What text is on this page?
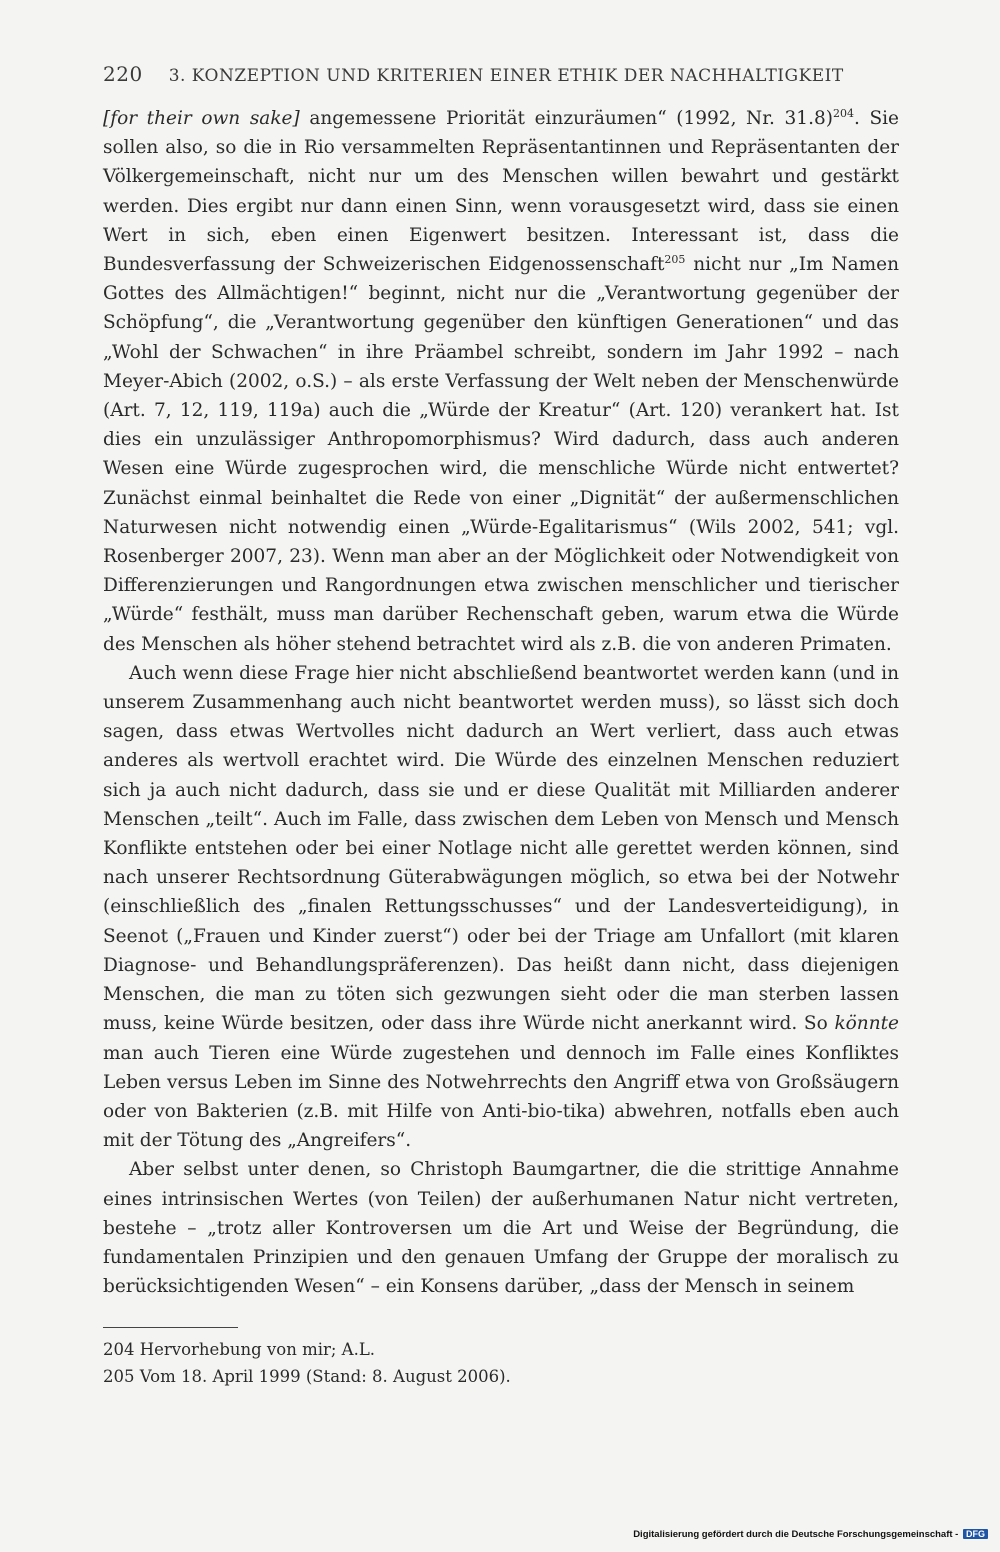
220 3. KONZEPTION UND KRITERIEN EINER ETHIK DER NACHHALTIGKEIT

[for their own sake] angemessene Priorität einzuräumen“ (1992, Nr. 31.8)$^{204}$. Sie sollen also, so die in Rio versammelten Repräsentantinnen und Repräsentanten der Völkergemeinschaft, nicht nur um des Menschen willen bewahrt und gestärkt werden. Dies ergibt nur dann einen Sinn, wenn vorausgesetzt wird, dass sie einen Wert in sich, eben einen Eigenwert besitzen. Interessant ist, dass die Bundesverfassung der Schweizerischen Eidgenossenschaft$^{205}$ nicht nur „Im Namen Gottes des Allmächtigen!“ beginnt, nicht nur die „Verantwortung gegenüber der Schöpfung“, die „Verantwortung gegenüber den künftigen Generationen“ und das „Wohl der Schwachen“ in ihre Präambel schreibt, sondern im Jahr 1992 – nach Meyer-Abich (2002, o.S.) – als erste Verfassung der Welt neben der Menschenwürde (Art. 7, 12, 119, 119a) auch die „Würde der Kreatur“ (Art. 120) verankert hat. Ist dies ein unzulässiger Anthropomorphismus? Wird dadurch, dass auch anderen Wesen eine Würde zugesprochen wird, die menschliche Würde nicht entwertet? Zunächst einmal beinhaltet die Rede von einer „Dignität“ der außermenschlichen Naturwesen nicht notwendig einen „Würde-Egalitarismus“ (Wils 2002, 541; vgl. Rosenberger 2007, 23). Wenn man aber an der Möglichkeit oder Notwendigkeit von Differenzierungen und Rangordnungen etwa zwischen menschlicher und tierischer „Würde“ festhält, muss man darüber Rechenschaft geben, warum etwa die Würde des Menschen als höher stehend betrachtet wird als z.B. die von anderen Primaten.

Auch wenn diese Frage hier nicht abschließend beantwortet werden kann (und in unserem Zusammenhang auch nicht beantwortet werden muss), so lässt sich doch sagen, dass etwas Wertvolles nicht dadurch an Wert verliert, dass auch etwas anderes als wertvoll erachtet wird. Die Würde des einzelnen Menschen reduziert sich ja auch nicht dadurch, dass sie und er diese Qualität mit Milliarden anderer Menschen „teilt“. Auch im Falle, dass zwischen dem Leben von Mensch und Mensch Konflikte entstehen oder bei einer Notlage nicht alle gerettet werden können, sind nach unserer Rechtsordnung Güterabwägungen möglich, so etwa bei der Notwehr (einschließlich des „finalen Rettungsschusses“ und der Landesverteidigung), in Seenot („Frauen und Kinder zuerst“) oder bei der Triage am Unfallort (mit klaren Diagnose- und Behandlungspräferenzen). Das heißt dann nicht, dass diejenigen Menschen, die man zu töten sich gezwungen sieht oder die man sterben lassen muss, keine Würde besitzen, oder dass ihre Würde nicht anerkannt wird. So könnte man auch Tieren eine Würde zugestehen und dennoch im Falle eines Konfliktes Leben versus Leben im Sinne des Notwehrrechts den Angriff etwa von Großsäugern oder von Bakterien (z.B. mit Hilfe von Anti-bio-tika) abwehren, notfalls eben auch mit der Tötung des „Angreifers“.

Aber selbst unter denen, so Christoph Baumgartner, die die strittige Annahme eines intrinsischen Wertes (von Teilen) der außerhumanen Natur nicht vertreten, bestehe – „trotz aller Kontroversen um die Art und Weise der Begründung, die fundamentalen Prinzipien und den genauen Umfang der Gruppe der moralisch zu berücksichtigenden Wesen“ – ein Konsens darüber, „dass der Mensch in seinem

204 Hervorhebung von mir; A.L.

205 Vom 18. April 1999 (Stand: 8. August 2006).

Digitalisierung gefördert durch die Deutsche Forschungsgemeinschaft - DFG
